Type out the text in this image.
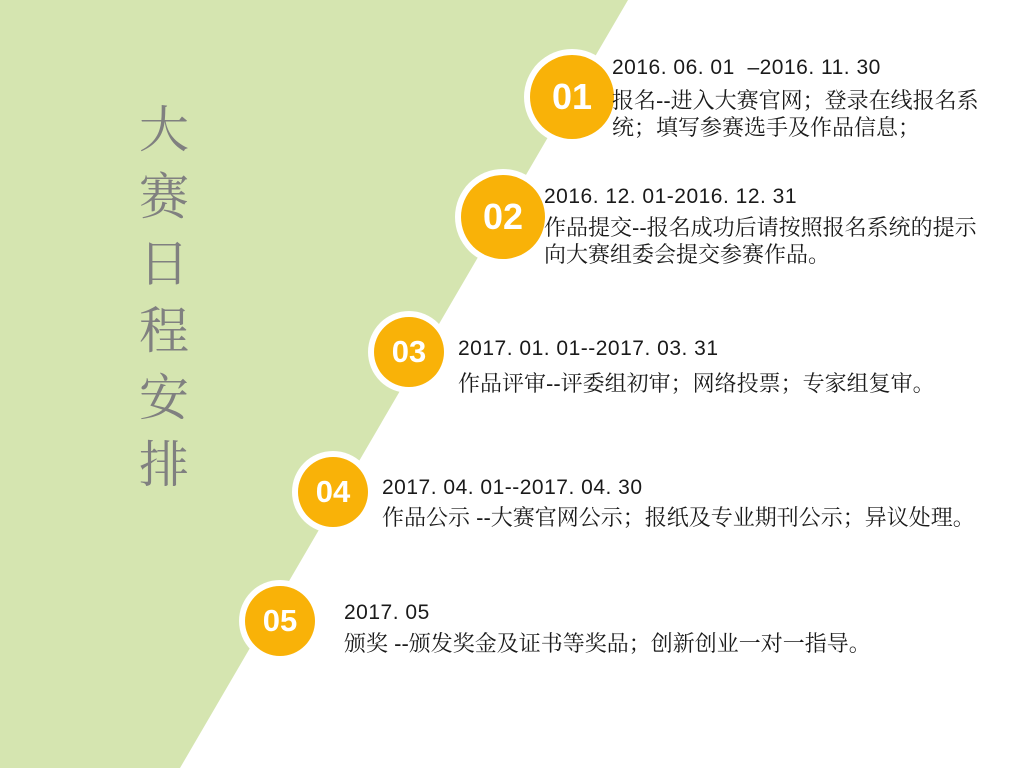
大赛日程安排
01
2016. 06. 01  –2016. 11. 30
报名--进入大赛官网；登录在线报名系统；填写参赛选手及作品信息；
02 2016. 12. 01-2016. 12. 31
作品提交--报名成功后请按照报名系统的提示向大赛组委会提交参赛作品。
03 2017. 01. 01--2017. 03. 31
作品评审--评委组初审；网络投票；专家组复审。
04 2017. 04. 01--2017. 04. 30
作品公示 --大赛官网公示；报纸及专业期刊公示；异议处理。
05 2017. 05
颁奖 --颁发奖金及证书等奖品；创新创业一对一指导。
